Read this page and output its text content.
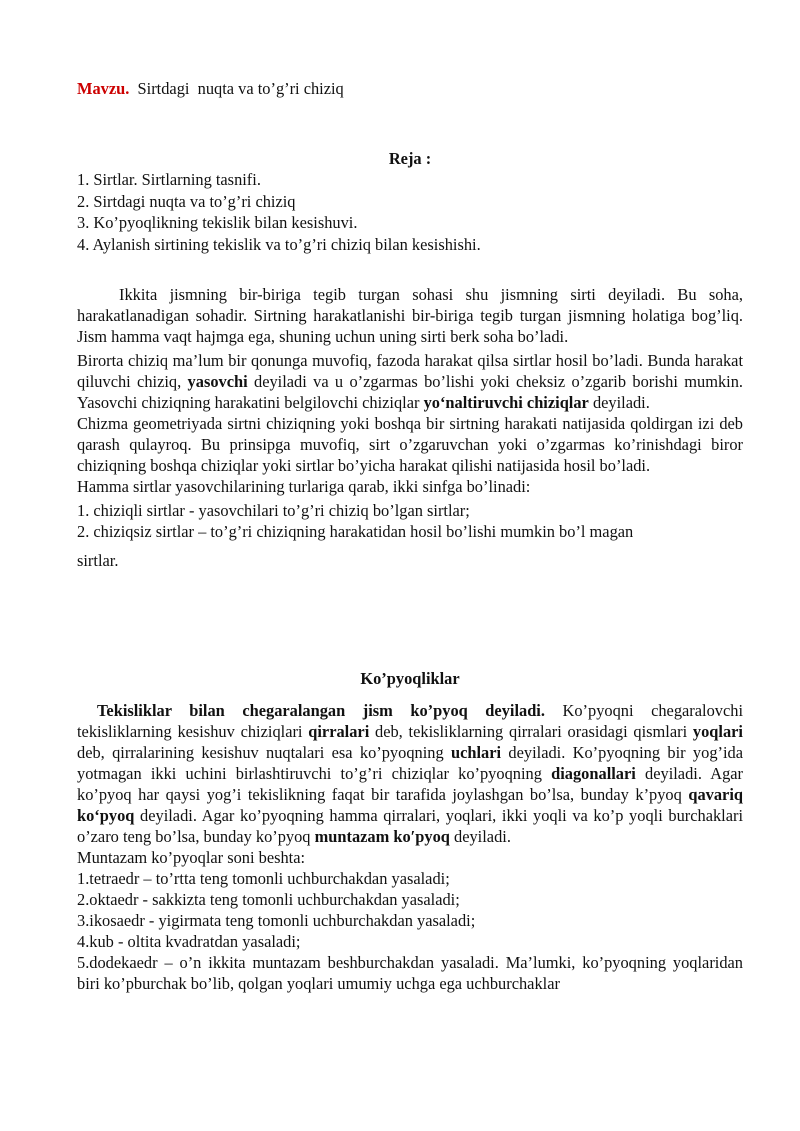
Mavzu.  Sirtdagi  nuqta va to’g’ri chiziq
Reja :
1. Sirtlar. Sirtlarning tasnifi.
2. Sirtdagi nuqta va to’g’ri chiziq
3. Ko’pyoqlikning tekislik bilan kesishuvi.
4. Aylanish sirtining tekislik va to’g’ri chiziq bilan kesishishi.

Ikkita jismning bir-biriga tegib turgan sohasi shu jismning sirti deyiladi. Bu soha, harakatlanadigan sohadir. Sirtning harakatlanishi bir-biriga tegib turgan jismning holatiga bog’liq. Jism hamma vaqt hajmga ega, shuning uchun uning sirti berk soha bo’ladi.

Birorta chiziq ma’lum bir qonunga muvofiq, fazoda harakat qilsa sirtlar hosil bo’ladi. Bunda harakat qiluvchi chiziq, yasovchi deyiladi va u o’zgarmas bo’lishi yoki cheksiz o’zgarib borishi mumkin. Yasovchi chiziqning harakatini belgilovchi chiziqlar yoʻnaltiruvchi chiziqlar deyiladi.

Chizma geometriyada sirtni chiziqning yoki boshqa bir sirtning harakati natijasida qoldirgan izi deb qarash qulayroq. Bu prinsipga muvofiq, sirt o’zgaruvchan yoki o’zgarmas ko’rinishdagi biror chiziqning boshqa chiziqlar yoki sirtlar bo’yicha harakat qilishi natijasida hosil bo’ladi.

Hamma sirtlar yasovchilarining turlariga qarab, ikki sinfga bo’linadi:

1. chiziqli sirtlar - yasovchilari to’g’ri chiziq bo’lgan sirtlar;

2. chiziqsiz sirtlar – to’g’ri chiziqning harakatidan hosil bo’lishi mumkin bo’l magan

sirtlar.

Ko’pyoqliklar

Tekisliklar bilan chegaralangan jism ko’pyoq deyiladi. Ko’pyoqni chegaralovchi tekisliklarning kesishuv chiziqlari qirralari deb, tekisliklarning qirralari orasidagi qismlari yoqlari deb, qirralarining kesishuv nuqtalari esa ko’pyoqning uchlari deyiladi. Ko’pyoqning bir yog’ida yotmagan ikki uchini birlashtiruvchi to’g’ri chiziqlar ko’pyoqning diagonallari deyiladi. Agar ko’pyoq har qaysi yog’i tekislikning faqat bir tarafida joylashgan bo’lsa, bunday k’pyoq qavariq koʻpyoq deyiladi. Agar ko’pyoqning hamma qirralari, yoqlari, ikki yoqli va ko’p yoqli burchaklari o’zaro teng bo’lsa, bunday ko’pyoq muntazam koʹpyoq deyiladi.

Muntazam ko’pyoqlar soni beshta:

1.tetraedr – to’rtta teng tomonli uchburchakdan yasaladi;

2.oktaedr - sakkizta teng tomonli uchburchakdan yasaladi;

3.ikosaedr - yigirmata teng tomonli uchburchakdan yasaladi;

4.kub - oltita kvadratdan yasaladi;

5.dodekaedr – o’n ikkita muntazam beshburchakdan yasaladi. Ma’lumki, ko’pyoqning yoqlaridan biri ko’pburchak bo’lib, qolgan yoqlari umumiy uchga ega uchburchaklar
